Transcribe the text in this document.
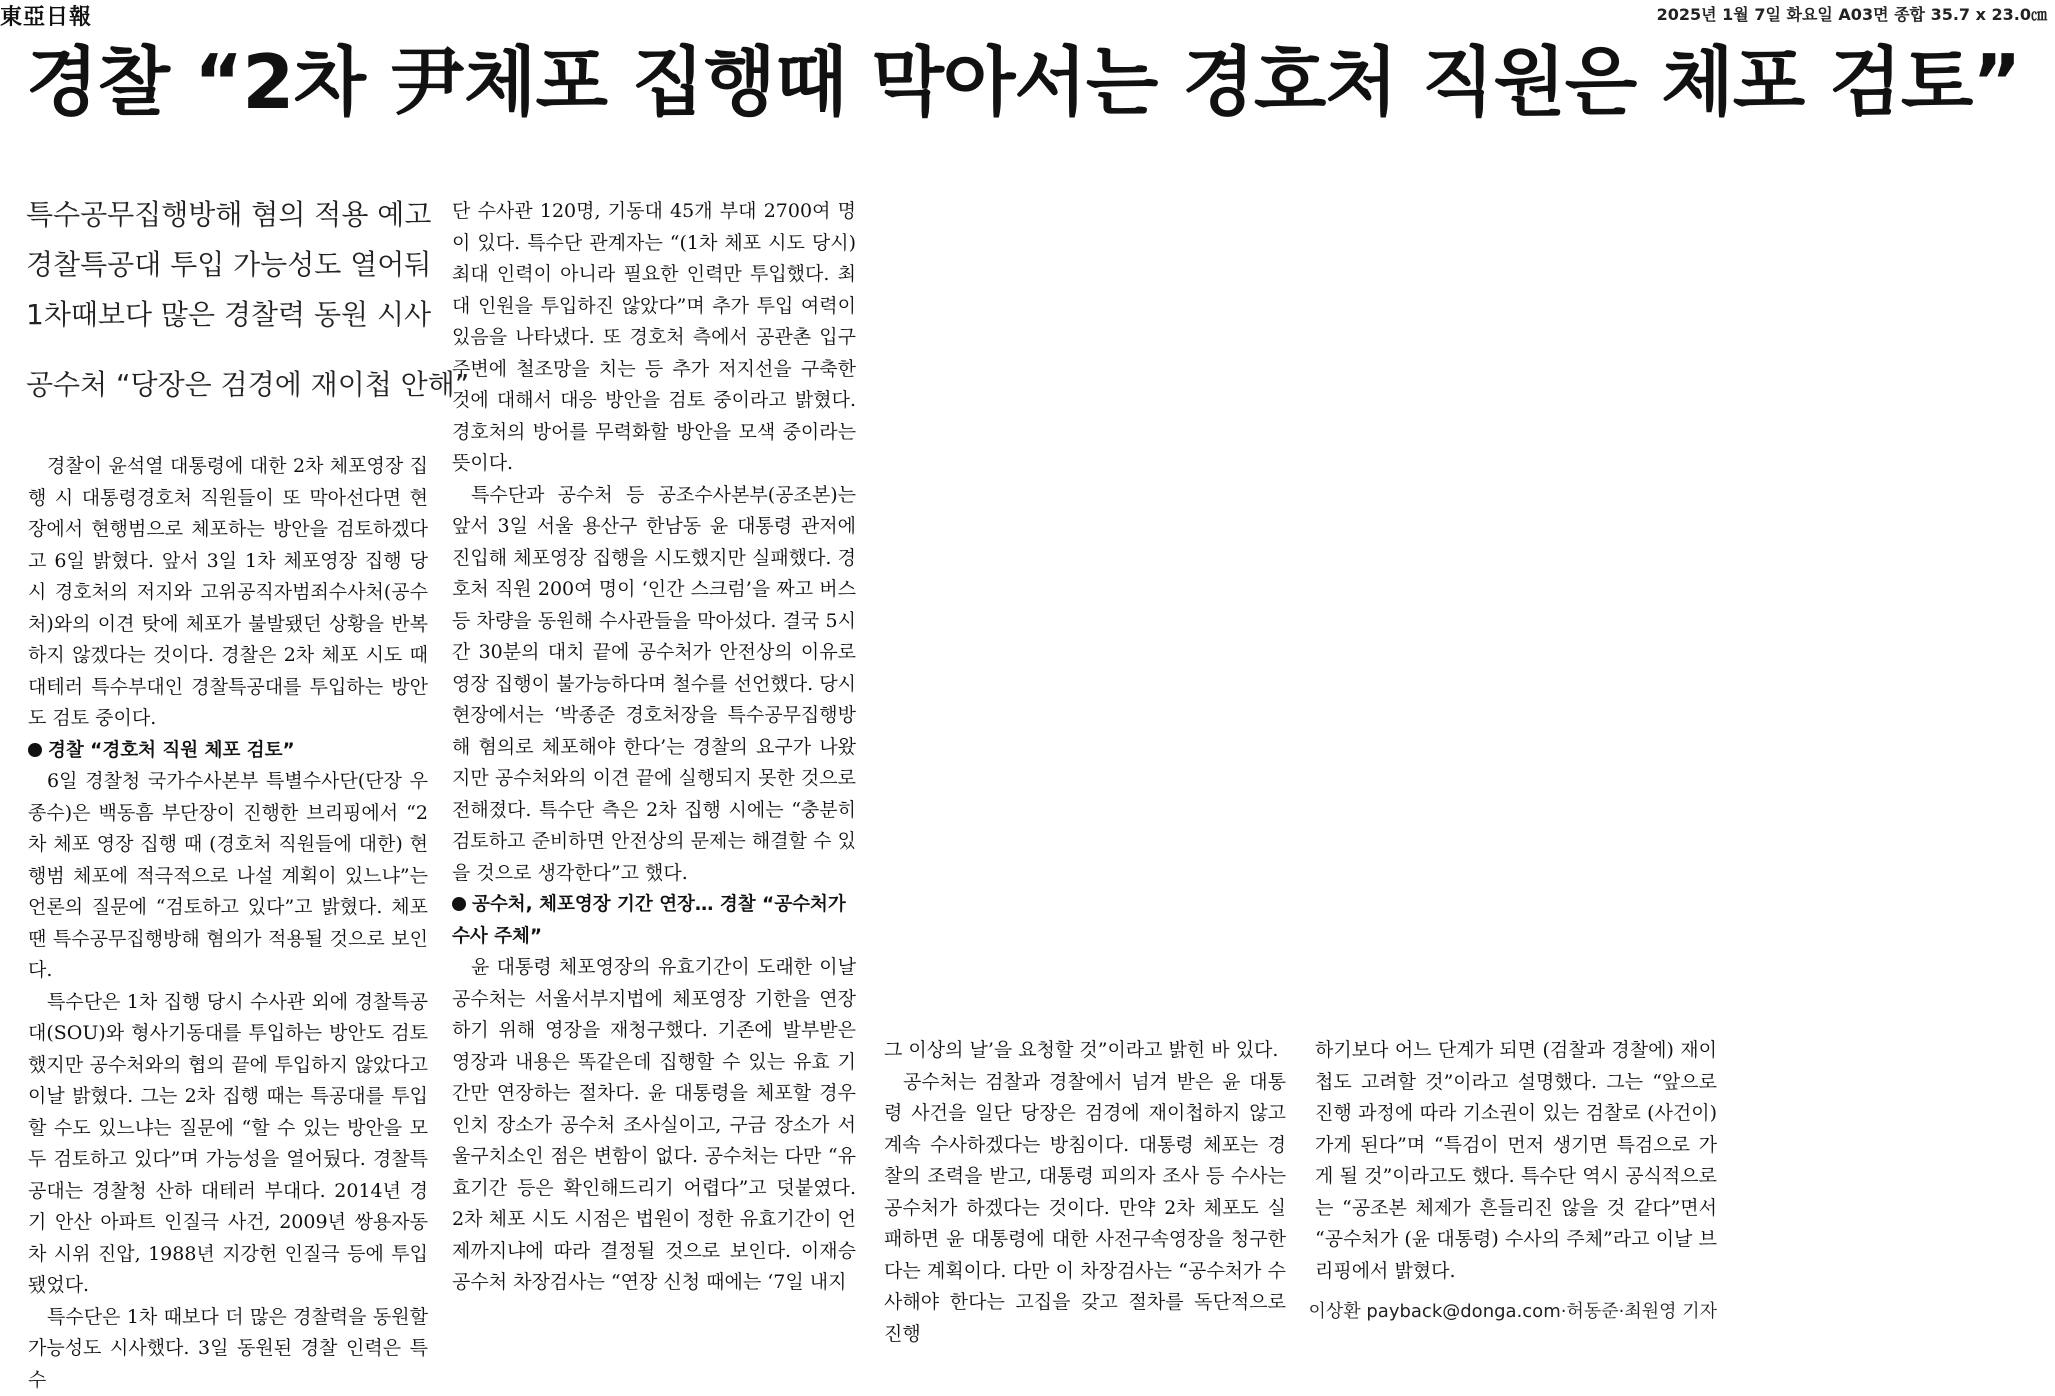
東亞日報	2025년 1월 7일 화요일 A03면 종합 35.7 x 23.0㎝
경찰 “2차 尹체포 집행때 막아서는 경호처 직원은 체포 검토”
특수공무집행방해 혐의 적용 예고
경찰특공대 투입 가능성도 열어둬
1차때보다 많은 경찰력 동원 시사
공수처 “당장은 검경에 재이첩 안해”

경찰이 윤석열 대통령에 대한 2차 체포영장 집행 시 대통령경호처 직원들이 또 막아선다면 현장에서 현행범으로 체포하는 방안을 검토하겠다고 6일 밝혔다. 앞서 3일 1차 체포영장 집행 당시 경호처의 저지와 고위공직자범죄수사처(공수처)와의 이견 탓에 체포가 불발됐던 상황을 반복하지 않겠다는 것이다. 경찰은 2차 체포 시도 때 대테러 특수부대인 경찰특공대를 투입하는 방안도 검토 중이다.

경찰 “경호처 직원 체포 검토”

6일 경찰청 국가수사본부 특별수사단(단장 우종수)은 백동흠 부단장이 진행한 브리핑에서 “2차 체포 영장 집행 때 (경호처 직원들에 대한) 현행범 체포에 적극적으로 나설 계획이 있느냐”는 언론의 질문에 “검토하고 있다”고 밝혔다. 체포 땐 특수공무집행방해 혐의가 적용될 것으로 보인다.

특수단은 1차 집행 당시 수사관 외에 경찰특공대(SOU)와 형사기동대를 투입하는 방안도 검토했지만 공수처와의 협의 끝에 투입하지 않았다고 이날 밝혔다. 그는 2차 집행 때는 특공대를 투입할 수도 있느냐는 질문에 “할 수 있는 방안을 모두 검토하고 있다”며 가능성을 열어뒀다. 경찰특공대는 경찰청 산하 대테러 부대다. 2014년 경기 안산 아파트 인질극 사건, 2009년 쌍용자동차 시위 진압, 1988년 지강헌 인질극 등에 투입됐었다.

특수단은 1차 때보다 더 많은 경찰력을 동원할 가능성도 시사했다. 3일 동원된 경찰 인력은 특수

단 수사관 120명, 기동대 45개 부대 2700여 명이 있다. 특수단 관계자는 “(1차 체포 시도 당시) 최대 인력이 아니라 필요한 인력만 투입했다. 최대 인원을 투입하진 않았다”며 추가 투입 여력이 있음을 나타냈다. 또 경호처 측에서 공관촌 입구 주변에 철조망을 치는 등 추가 저지선을 구축한 것에 대해서 대응 방안을 검토 중이라고 밝혔다. 경호처의 방어를 무력화할 방안을 모색 중이라는 뜻이다.

특수단과 공수처 등 공조수사본부(공조본)는 앞서 3일 서울 용산구 한남동 윤 대통령 관저에 진입해 체포영장 집행을 시도했지만 실패했다. 경호처 직원 200여 명이 ‘인간 스크럼’을 짜고 버스 등 차량을 동원해 수사관들을 막아섰다. 결국 5시간 30분의 대치 끝에 공수처가 안전상의 이유로 영장 집행이 불가능하다며 철수를 선언했다. 당시 현장에서는 ‘박종준 경호처장을 특수공무집행방해 혐의로 체포해야 한다’는 경찰의 요구가 나왔지만 공수처와의 이견 끝에 실행되지 못한 것으로 전해졌다. 특수단 측은 2차 집행 시에는 “충분히 검토하고 준비하면 안전상의 문제는 해결할 수 있을 것으로 생각한다”고 했다.

공수처, 체포영장 기간 연장… 경찰 “공수처가 수사 주체”

윤 대통령 체포영장의 유효기간이 도래한 이날 공수처는 서울서부지법에 체포영장 기한을 연장하기 위해 영장을 재청구했다. 기존에 발부받은 영장과 내용은 똑같은데 집행할 수 있는 유효 기간만 연장하는 절차다. 윤 대통령을 체포할 경우 인치 장소가 공수처 조사실이고, 구금 장소가 서울구치소인 점은 변함이 없다. 공수처는 다만 “유효기간 등은 확인해드리기 어렵다”고 덧붙였다. 2차 체포 시도 시점은 법원이 정한 유효기간이 언제까지냐에 따라 결정될 것으로 보인다. 이재승 공수처 차장검사는 “연장 신청 때에는 ‘7일 내지

그 이상의 날’을 요청할 것”이라고 밝힌 바 있다.

공수처는 검찰과 경찰에서 넘겨 받은 윤 대통령 사건을 일단 당장은 검경에 재이첩하지 않고 계속 수사하겠다는 방침이다. 대통령 체포는 경찰의 조력을 받고, 대통령 피의자 조사 등 수사는 공수처가 하겠다는 것이다. 만약 2차 체포도 실패하면 윤 대통령에 대한 사전구속영장을 청구한다는 계획이다. 다만 이 차장검사는 “공수처가 수사해야 한다는 고집을 갖고 절차를 독단적으로 진행

하기보다 어느 단계가 되면 (검찰과 경찰에) 재이첩도 고려할 것”이라고 설명했다. 그는 “앞으로 진행 과정에 따라 기소권이 있는 검찰로 (사건이) 가게 된다”며 “특검이 먼저 생기면 특검으로 가게 될 것”이라고도 했다. 특수단 역시 공식적으로는 “공조본 체제가 흔들리진 않을 것 같다”면서 “공수처가 (윤 대통령) 수사의 주체”라고 이날 브리핑에서 밝혔다.

이상환 payback@donga.com·허동준·최원영 기자
